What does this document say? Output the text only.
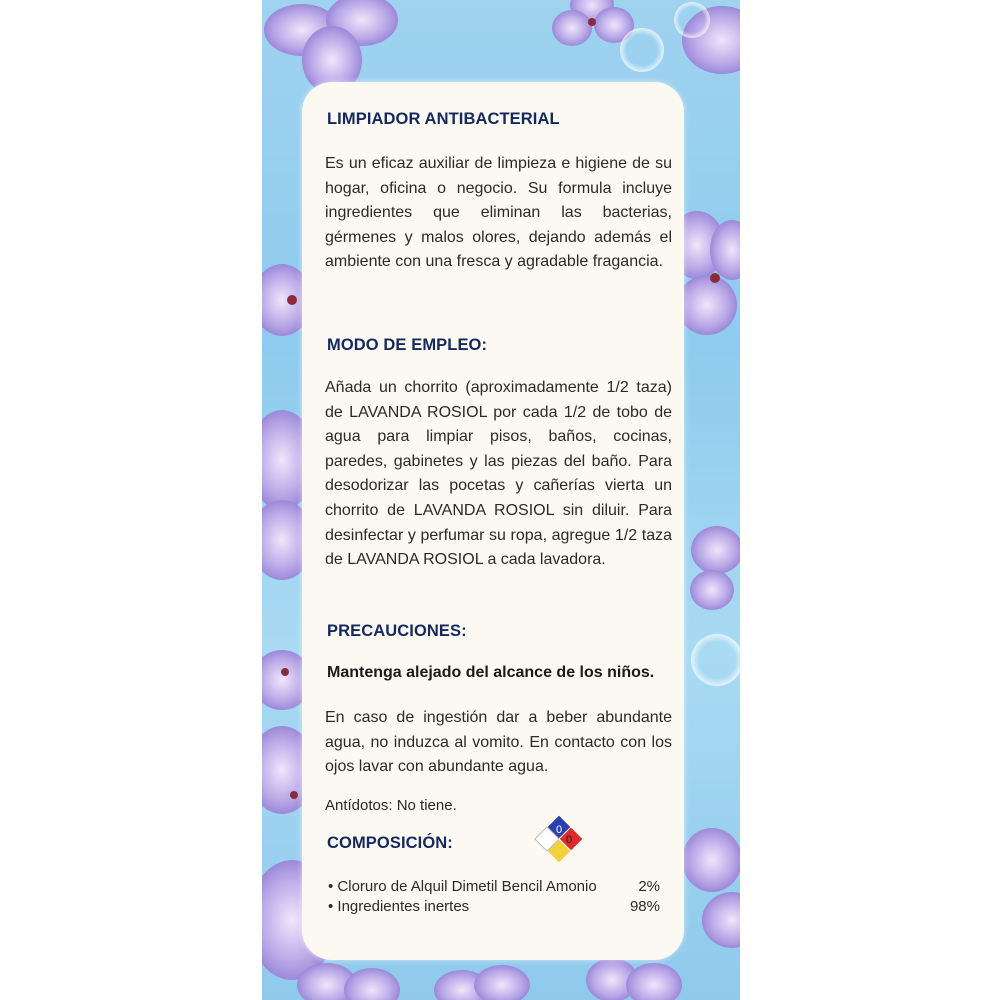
LIMPIADOR ANTIBACTERIAL
Es un eficaz auxiliar de limpieza e higiene de su hogar, oficina o negocio. Su formula incluye ingredientes que eliminan las bacterias, gérmenes y malos olores, dejando además el ambiente con una fresca y agradable fragancia.
MODO DE EMPLEO:
Añada un chorrito (aproximadamente 1/2 taza) de LAVANDA ROSIOL por cada 1/2 de tobo de agua para limpiar pisos, baños, cocinas, paredes, gabinetes y las piezas del baño. Para desodorizar las pocetas y cañerías vierta un chorrito de LAVANDA ROSIOL sin diluir. Para desinfectar y perfumar su ropa, agregue 1/2 taza de LAVANDA ROSIOL a cada lavadora.
PRECAUCIONES:
Mantenga alejado del alcance de los niños.
En caso de ingestión dar a beber abundante agua, no induzca al vomito. En contacto con los ojos lavar con abundante agua.
Antídotos: No tiene.
COMPOSICIÓN:	0
0
0
• Cloruro de Alquil Dimetil Bencil Amonio	2%
• Ingredientes inertes	98%
